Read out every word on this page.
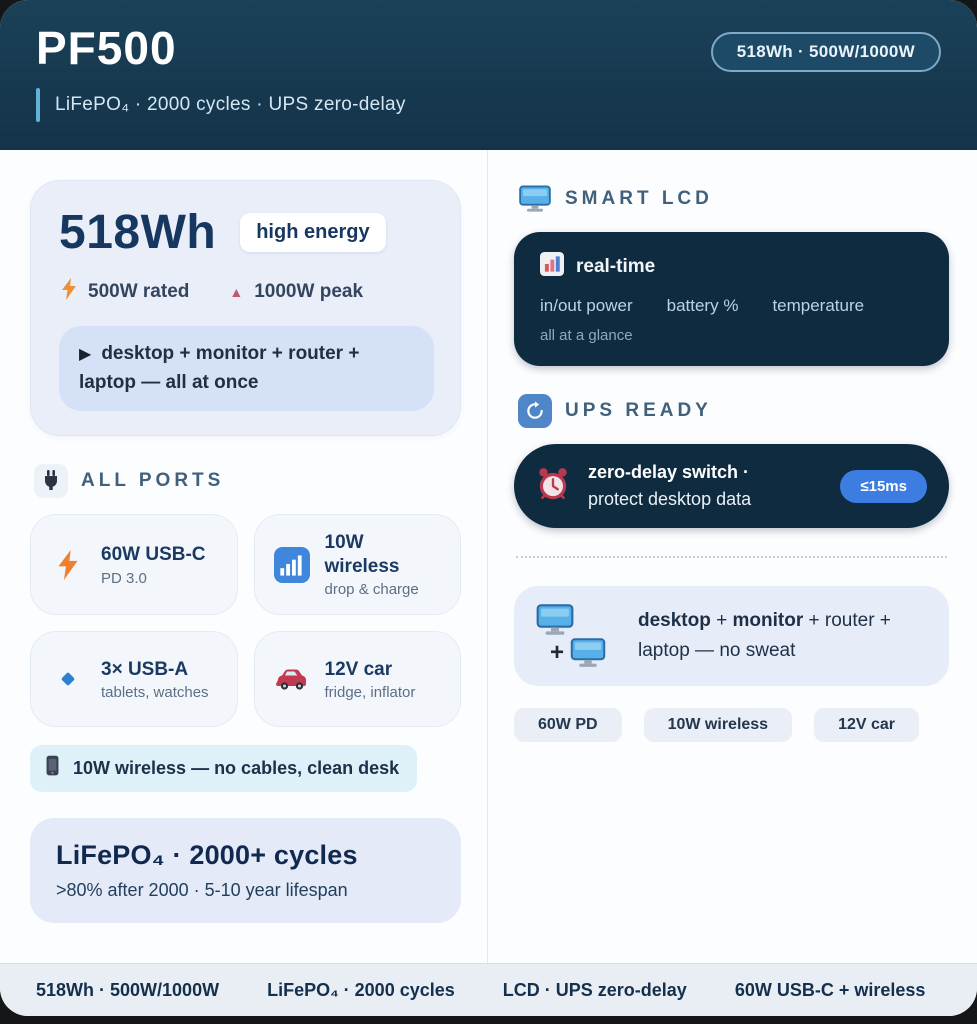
PF500	518Wh · 500W/1000W
LiFePO₄ · 2000 cycles · UPS zero-delay
518Wh	high energy
500W rated	▲ 1000W peak
▶ desktop + monitor + router + laptop — all at once
ALL PORTS
60W USB-C
PD 3.0
10W wireless
drop & charge
3× USB-A
tablets, watches
12V car
fridge, inflator
10W wireless — no cables, clean desk
LiFePO₄ · 2000+ cycles
>80% after 2000 · 5-10 year lifespan
SMART LCD
real-time
in/out power battery % temperature
all at a glance
UPS READY
zero-delay switch ·
protect desktop data
≤15ms
+
desktop + monitor + router + laptop — no sweat
60W PD	10W wireless	12V car
518Wh · 500W/1000W	LiFePO₄ · 2000 cycles	LCD · UPS zero-delay	60W USB-C + wireless
